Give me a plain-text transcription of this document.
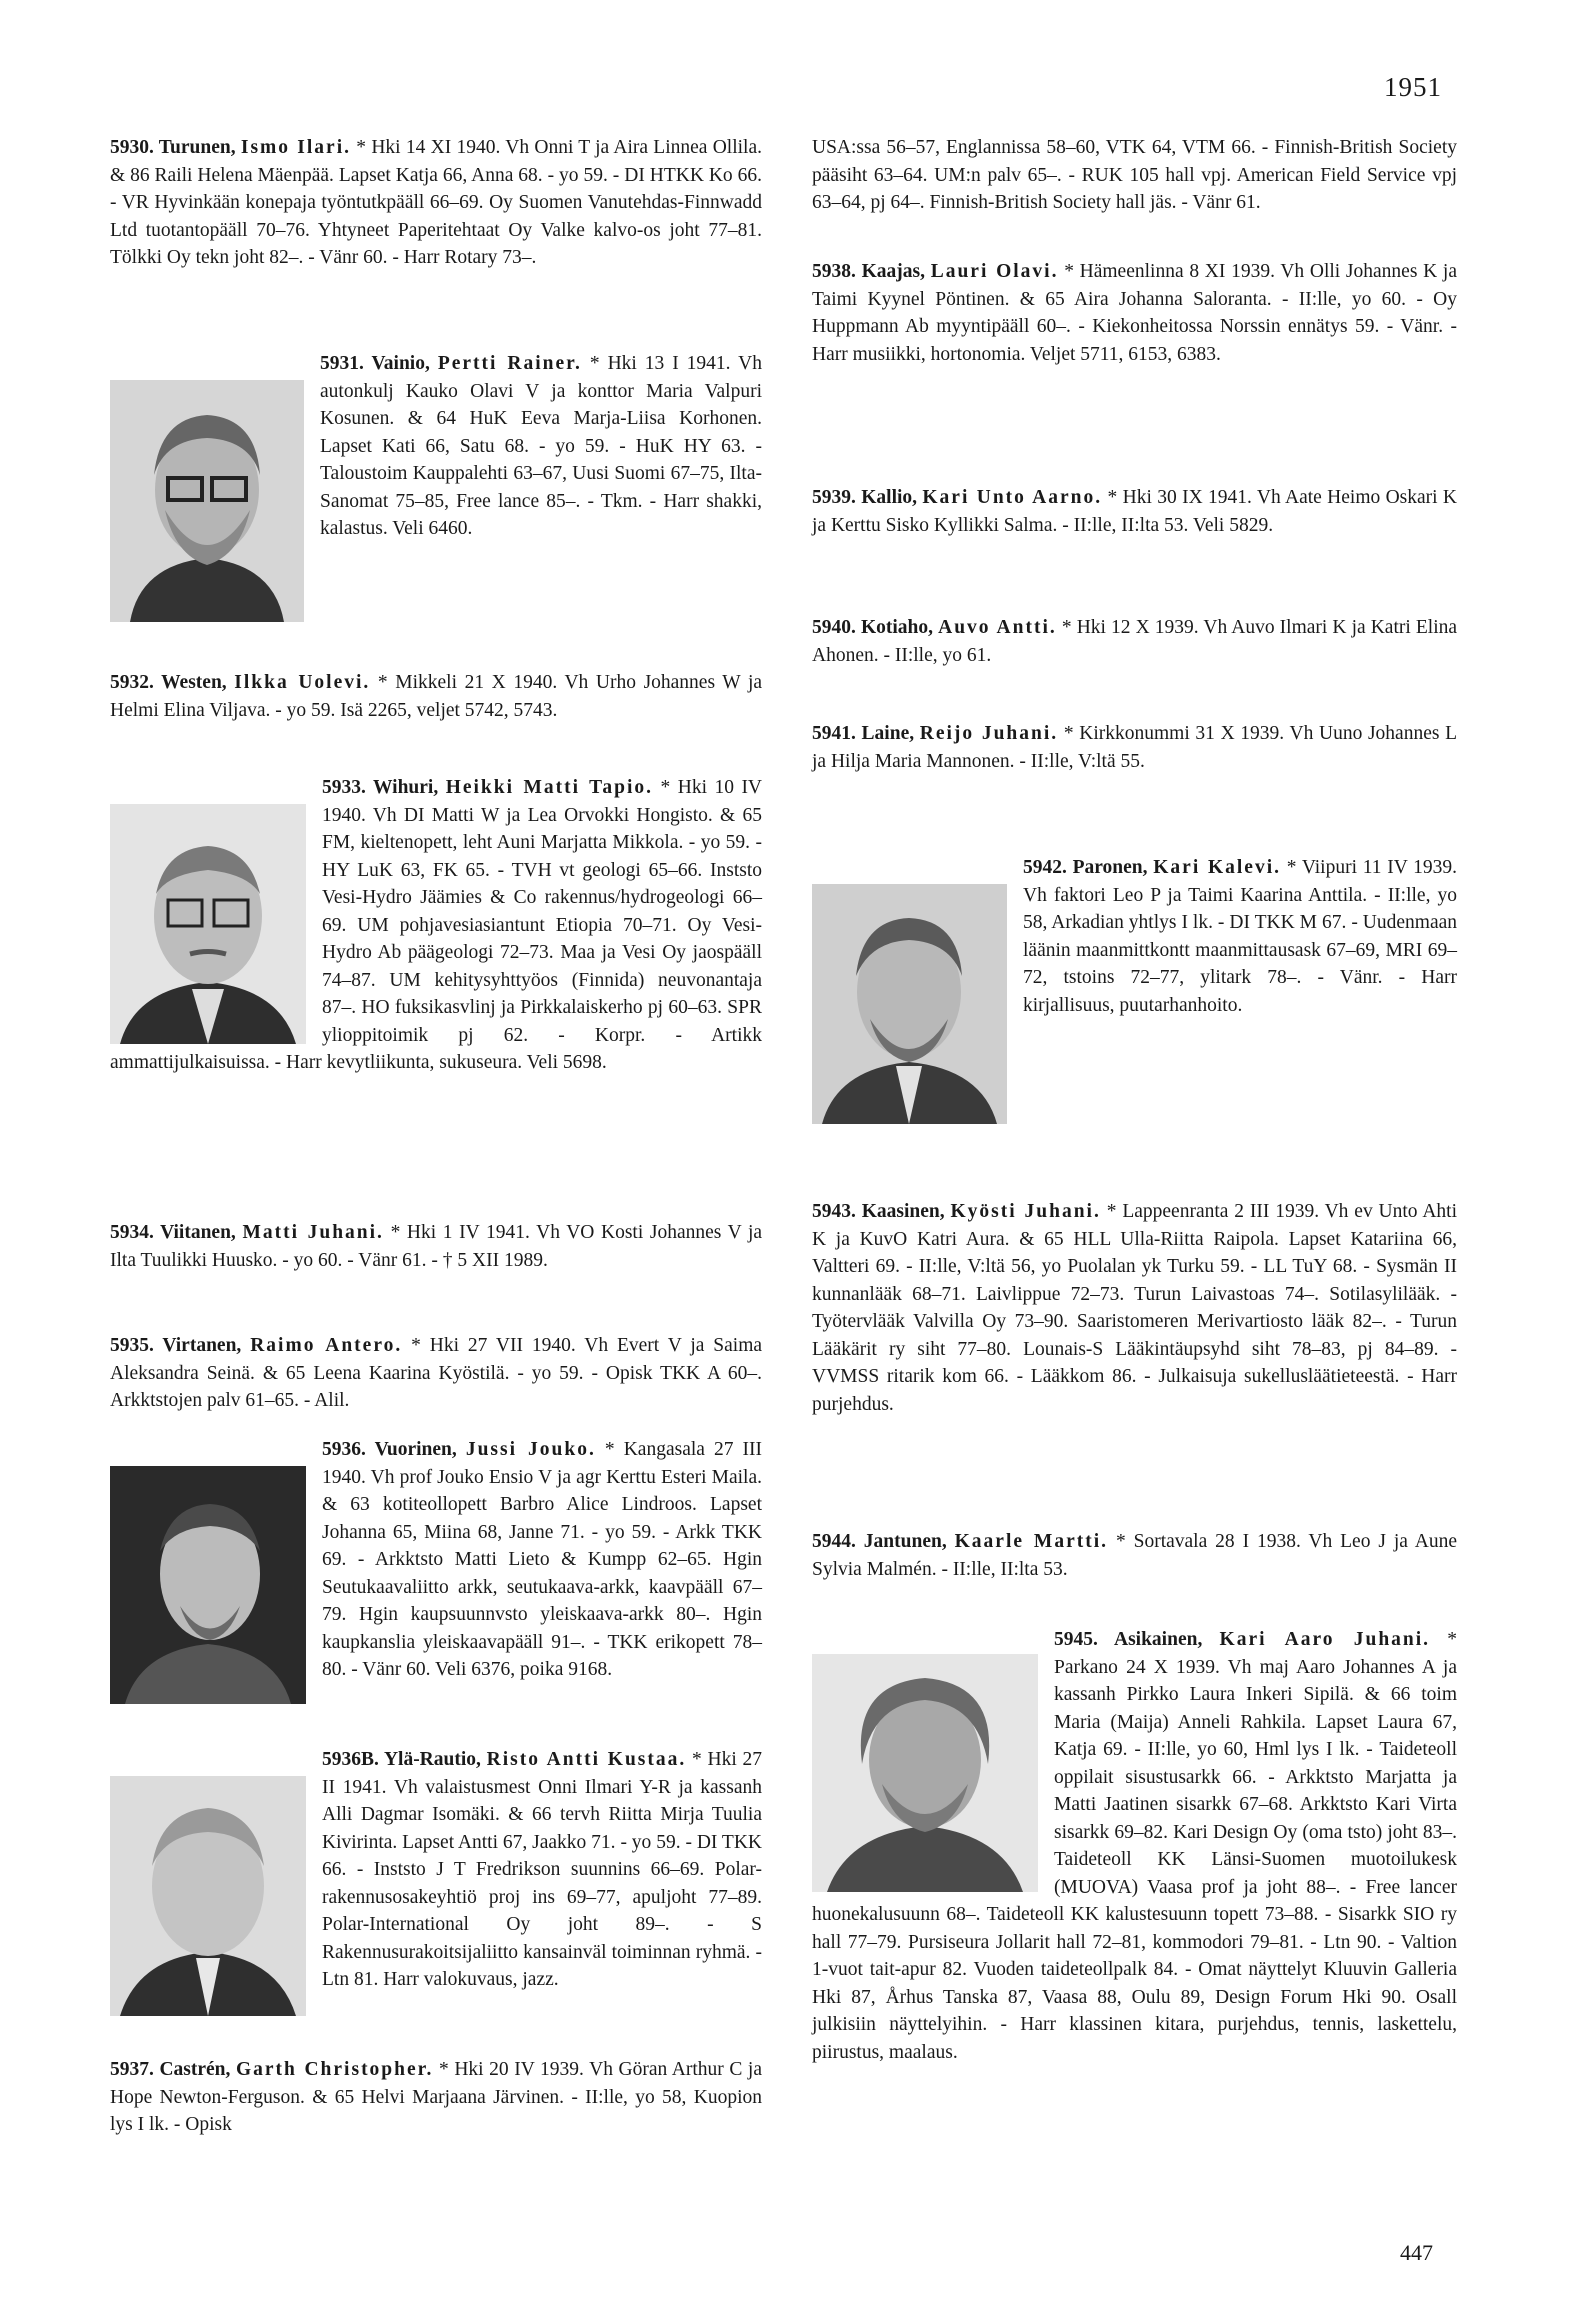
1951

5930. Turunen, Ismo Ilari. * Hki 14 XI 1940. Vh Onni T ja Aira Linnea Ollila. & 86 Raili Helena Mäenpää. Lapset Katja 66, Anna 68. - yo 59. - DI HTKK Ko 66. - VR Hyvinkään konepaja työntutkpääll 66–69. Oy Suomen Vanutehdas-Finnwadd Ltd tuotantopääll 70–76. Yhtyneet Paperitehtaat Oy Valke kalvo-os joht 77–81. Tölkki Oy tekn joht 82–. - Vänr 60. - Harr Rotary 73–.

5931. Vainio, Pertti Rainer. * Hki 13 I 1941. Vh autonkulj Kauko Olavi V ja konttor Maria Valpuri Kosunen. & 64 HuK Eeva Marja-Liisa Korhonen. Lapset Kati 66, Satu 68. - yo 59. - HuK HY 63. - Taloustoim Kauppalehti 63–67, Uusi Suomi 67–75, Ilta-Sanomat 75–85, Free lance 85–. - Tkm. - Harr shakki, kalastus. Veli 6460.

5932. Westen, Ilkka Uolevi. * Mikkeli 21 X 1940. Vh Urho Johannes W ja Helmi Elina Viljava. - yo 59. Isä 2265, veljet 5742, 5743.

5933. Wihuri, Heikki Matti Tapio. * Hki 10 IV 1940. Vh DI Matti W ja Lea Orvokki Hongisto. & 65 FM, kieltenopett, leht Auni Marjatta Mikkola. - yo 59. - HY LuK 63, FK 65. - TVH vt geologi 65–66. Inststo Vesi-Hydro Jäämies & Co rakennus/hydrogeologi 66–69. UM pohjavesiasiantunt Etiopia 70–71. Oy Vesi-Hydro Ab päägeologi 72–73. Maa ja Vesi Oy jaospääll 74–87. UM kehitysyhttyöos (Finnida) neuvonantaja 87–. HO fuksikasvlinj ja Pirkkalaiskerho pj 60–63. SPR ylioppitoimik pj 62. - Korpr. - Artikk ammattijulkaisuissa. - Harr kevytliikunta, sukuseura. Veli 5698.

5934. Viitanen, Matti Juhani. * Hki 1 IV 1941. Vh VO Kosti Johannes V ja Ilta Tuulikki Huusko. - yo 60. - Vänr 61. - † 5 XII 1989.

5935. Virtanen, Raimo Antero. * Hki 27 VII 1940. Vh Evert V ja Saima Aleksandra Seinä. & 65 Leena Kaarina Kyöstilä. - yo 59. - Opisk TKK A 60–. Arkktstojen palv 61–65. - Alil.

5936. Vuorinen, Jussi Jouko. * Kangasala 27 III 1940. Vh prof Jouko Ensio V ja agr Kerttu Esteri Maila. & 63 kotiteollopett Barbro Alice Lindroos. Lapset Johanna 65, Miina 68, Janne 71. - yo 59. - Arkk TKK 69. - Arkktsto Matti Lieto & Kumpp 62–65. Hgin Seutukaavaliitto arkk, seutukaava-arkk, kaavpääll 67–79. Hgin kaupsuunnvsto yleiskaava-arkk 80–. Hgin kaupkanslia yleiskaavapääll 91–. - TKK erikopett 78–80. - Vänr 60. Veli 6376, poika 9168.

5936B. Ylä-Rautio, Risto Antti Kustaa. * Hki 27 II 1941. Vh valaistusmest Onni Ilmari Y-R ja kassanh Alli Dagmar Isomäki. & 66 tervh Riitta Mirja Tuulia Kivirinta. Lapset Antti 67, Jaakko 71. - yo 59. - DI TKK 66. - Inststo J T Fredrikson suunnins 66–69. Polar-rakennusosakeyhtiö proj ins 69–77, apuljoht 77–89. Polar-International Oy joht 89–. - S Rakennusurakoitsijaliitto kansainväl toiminnan ryhmä. - Ltn 81. Harr valokuvaus, jazz.

5937. Castrén, Garth Christopher. * Hki 20 IV 1939. Vh Göran Arthur C ja Hope Newton-Ferguson. & 65 Helvi Marjaana Järvinen. - II:lle, yo 58, Kuopion lys I lk. - Opisk

USA:ssa 56–57, Englannissa 58–60, VTK 64, VTM 66. - Finnish-British Society pääsiht 63–64. UM:n palv 65–. - RUK 105 hall vpj. American Field Service vpj 63–64, pj 64–. Finnish-British Society hall jäs. - Vänr 61.

5938. Kaajas, Lauri Olavi. * Hämeenlinna 8 XI 1939. Vh Olli Johannes K ja Taimi Kyynel Pöntinen. & 65 Aira Johanna Saloranta. - II:lle, yo 60. - Oy Huppmann Ab myyntipääll 60–. - Kiekonheitossa Norssin ennätys 59. - Vänr. - Harr musiikki, hortonomia. Veljet 5711, 6153, 6383.

5939. Kallio, Kari Unto Aarno. * Hki 30 IX 1941. Vh Aate Heimo Oskari K ja Kerttu Sisko Kyllikki Salma. - II:lle, II:lta 53. Veli 5829.

5940. Kotiaho, Auvo Antti. * Hki 12 X 1939. Vh Auvo Ilmari K ja Katri Elina Ahonen. - II:lle, yo 61.

5941. Laine, Reijo Juhani. * Kirkkonummi 31 X 1939. Vh Uuno Johannes L ja Hilja Maria Mannonen. - II:lle, V:ltä 55.

5942. Paronen, Kari Kalevi. * Viipuri 11 IV 1939. Vh faktori Leo P ja Taimi Kaarina Anttila. - II:lle, yo 58, Arkadian yhtlys I lk. - DI TKK M 67. - Uudenmaan läänin maanmittkontt maanmittausask 67–69, MRI 69–72, tstoins 72–77, ylitark 78–. - Vänr. - Harr kirjallisuus, puutarhanhoito.

5943. Kaasinen, Kyösti Juhani. * Lappeenranta 2 III 1939. Vh ev Unto Ahti K ja KuvO Katri Aura. & 65 HLL Ulla-Riitta Raipola. Lapset Katariina 66, Valtteri 69. - II:lle, V:ltä 56, yo Puolalan yk Turku 59. - LL TuY 68. - Sysmän II kunnanlääk 68–71. Laivlippue 72–73. Turun Laivastoas 74–. Sotilasylilääk. - Työtervlääk Valvilla Oy 73–90. Saaristomeren Merivartiosto lääk 82–. - Turun Lääkärit ry siht 77–80. Lounais-S Lääkintäupsyhd siht 78–83, pj 84–89. - VVMSS ritarik kom 66. - Lääkkom 86. - Julkaisuja sukellusläätieteestä. - Harr purjehdus.

5944. Jantunen, Kaarle Martti. * Sortavala 28 I 1938. Vh Leo J ja Aune Sylvia Malmén. - II:lle, II:lta 53.

5945. Asikainen, Kari Aaro Juhani. * Parkano 24 X 1939. Vh maj Aaro Johannes A ja kassanh Pirkko Laura Inkeri Sipilä. & 66 toim Maria (Maija) Anneli Rahkila. Lapset Laura 67, Katja 69. - II:lle, yo 60, Hml lys I lk. - Taideteoll oppilait sisustusarkk 66. - Arkktsto Marjatta ja Matti Jaatinen sisarkk 67–68. Arkktsto Kari Virta sisarkk 69–82. Kari Design Oy (oma tsto) joht 83–. Taideteoll KK Länsi-Suomen muotoilukesk (MUOVA) Vaasa prof ja joht 88–. - Free lancer huonekalusuunn 68–. Taideteoll KK kalustesuunn topett 73–88. - Sisarkk SIO ry hall 77–79. Pursiseura Jollarit hall 72–81, kommodori 79–81. - Ltn 90. - Valtion 1-vuot tait-apur 82. Vuoden taideteollpalk 84. - Omat näyttelyt Kluuvin Galleria Hki 87, Århus Tanska 87, Vaasa 88, Oulu 89, Design Forum Hki 90. Osall julkisiin näyttelyihin. - Harr klassinen kitara, purjehdus, tennis, laskettelu, piirustus, maalaus.

447
